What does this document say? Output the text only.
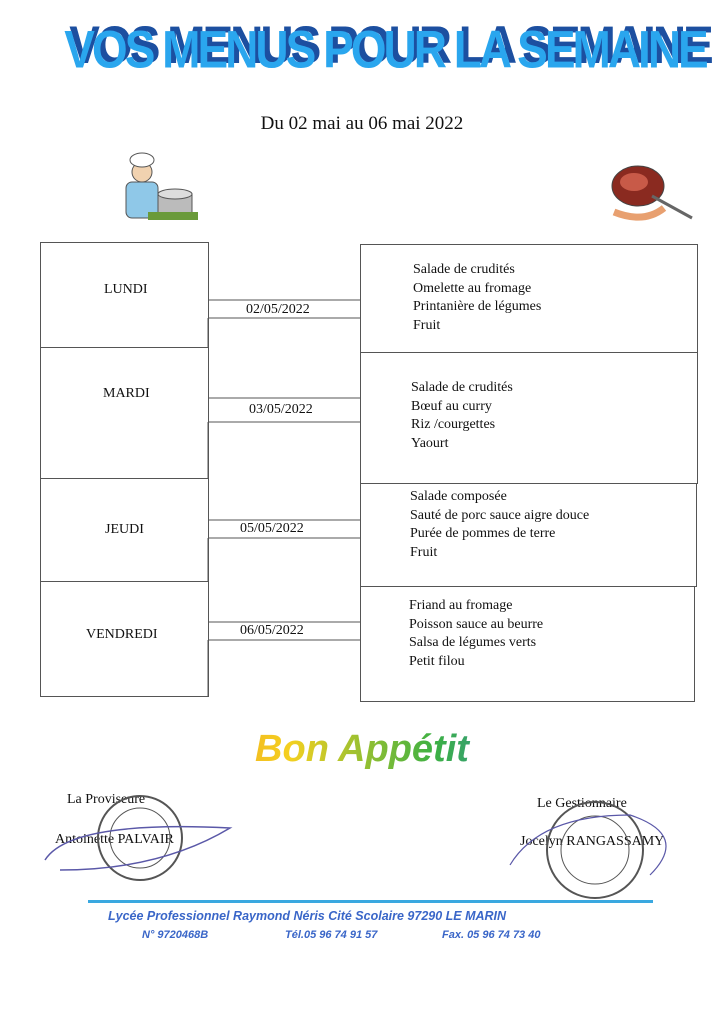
VOS MENUS POUR LA SEMAINE
Du 02 mai au 06 mai 2022
LUNDI
MARDI
JEUDI
VENDREDI
02/05/2022
03/05/2022
05/05/2022
06/05/2022
Salade de crudités
Omelette au fromage
Printanière de légumes
Fruit
Salade de crudités
Bœuf au curry
Riz /courgettes
Yaourt
Salade composée
Sauté de porc sauce aigre douce
Purée de pommes de terre
Fruit
Friand au fromage
Poisson sauce au beurre
Salsa de légumes verts
Petit filou
Bon Appétit
La Proviseure
Antoinette PALVAIR
Le Gestionnaire
Jocelyn RANGASSAMY
Lycée Professionnel Raymond Néris Cité Scolaire 97290 LE MARIN
N° 9720468B	Tél.05 96 74 91 57	Fax. 05 96 74 73 40
